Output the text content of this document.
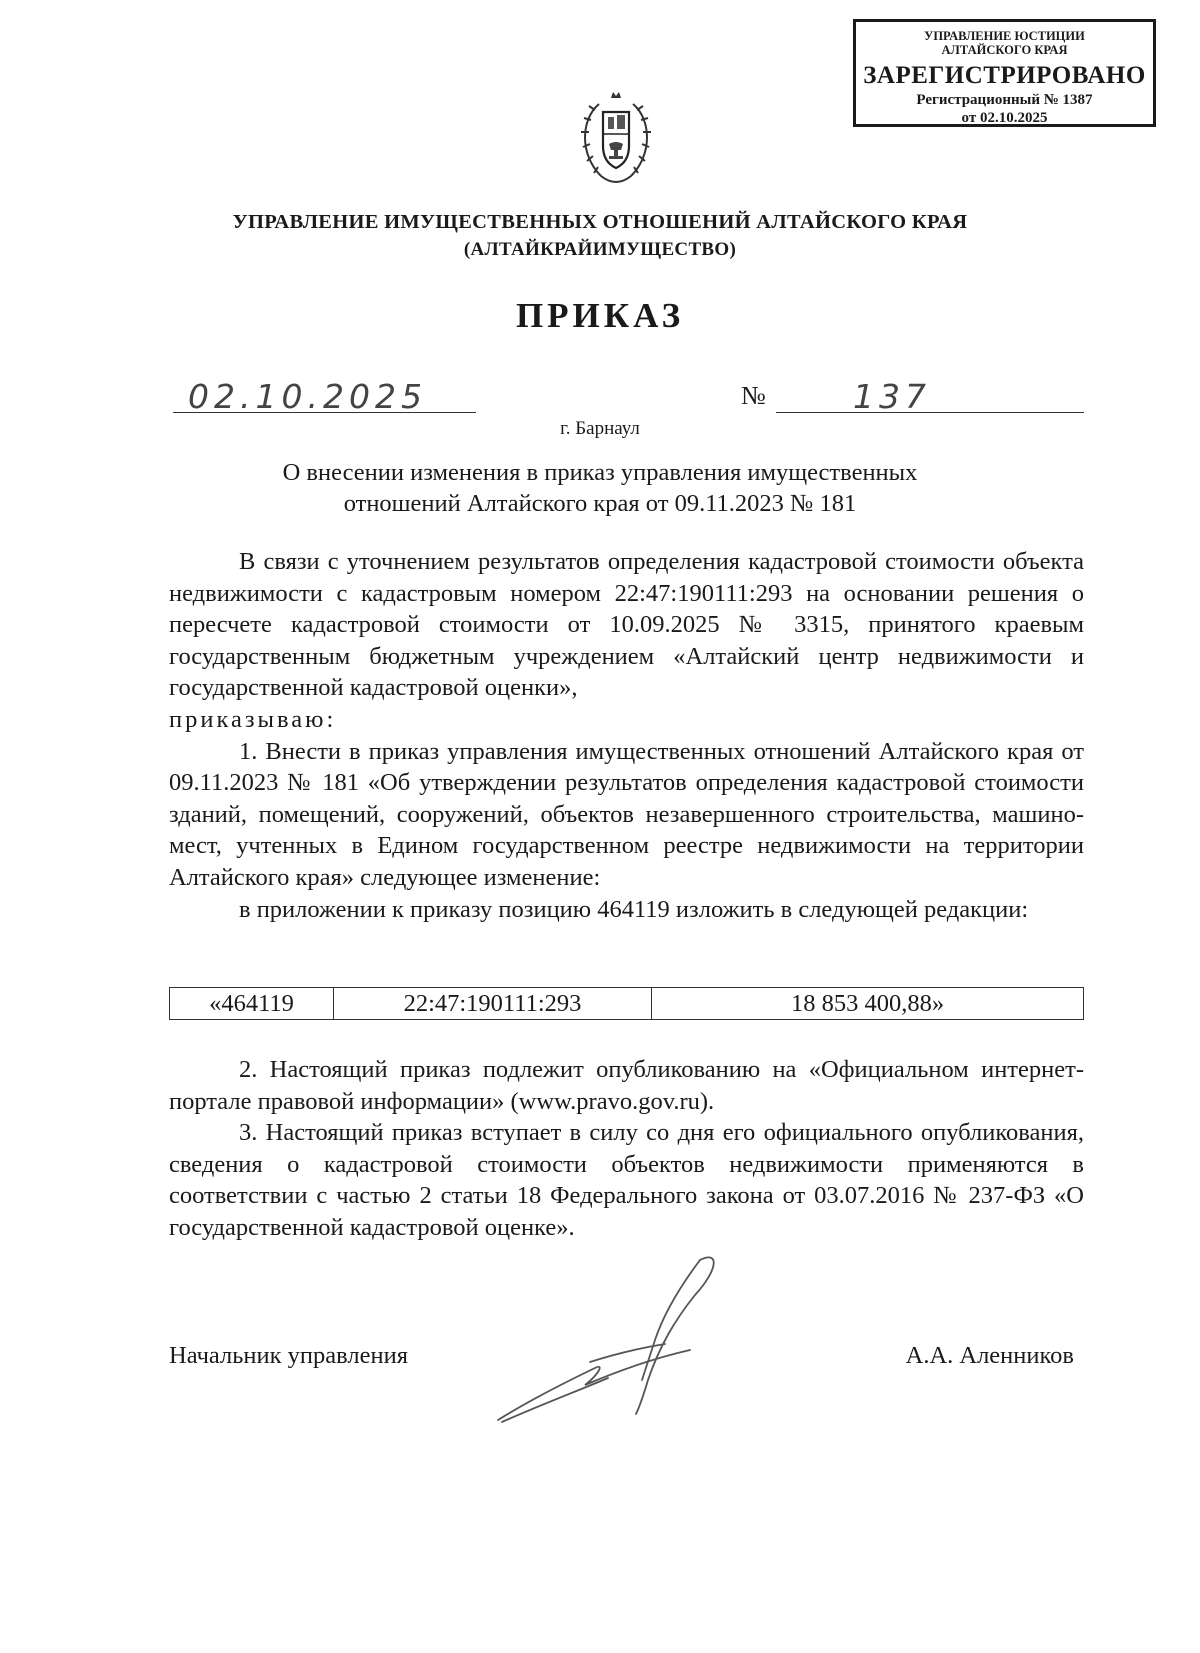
УПРАВЛЕНИЕ ЮСТИЦИИ
АЛТАЙСКОГО КРАЯ
ЗАРЕГИСТРИРОВАНО
Регистрационный № 1387
от 02.10.2025
УПРАВЛЕНИЕ ИМУЩЕСТВЕННЫХ ОТНОШЕНИЙ АЛТАЙСКОГО КРАЯ
(АЛТАЙКРАЙИМУЩЕСТВО)
ПРИКАЗ
02.10.2025	№	137
г. Барнаул
О внесении изменения в приказ управления имущественных
отношений Алтайского края от 09.11.2023 № 181

В связи с уточнением результатов определения кадастровой стоимости объекта недвижимости с кадастровым номером 22:47:190111:293 на основании решения о пересчете кадастровой стоимости от 10.09.2025 № 3315, принятого краевым государственным бюджетным учреждением «Алтайский центр недвижимости и государственной кадастровой оценки»,

приказываю:

1. Внести в приказ управления имущественных отношений Алтайского края от 09.11.2023 № 181 «Об утверждении результатов определения кадастровой стоимости зданий, помещений, сооружений, объектов незавершенного строительства, машино-мест, учтенных в Едином государственном реестре недвижимости на территории Алтайского края» следующее изменение:

в приложении к приказу позицию 464119 изложить в следующей редакции:

«464119	22:47:190111:293	18 853 400,88»

2. Настоящий приказ подлежит опубликованию на «Официальном интернет-портале правовой информации» (www.pravo.gov.ru).

3. Настоящий приказ вступает в силу со дня его официального опубликования, сведения о кадастровой стоимости объектов недвижимости применяются в соответствии с частью 2 статьи 18 Федерального закона от 03.07.2016 № 237-ФЗ «О государственной кадастровой оценке».

Начальник управления	А.А. Аленников
